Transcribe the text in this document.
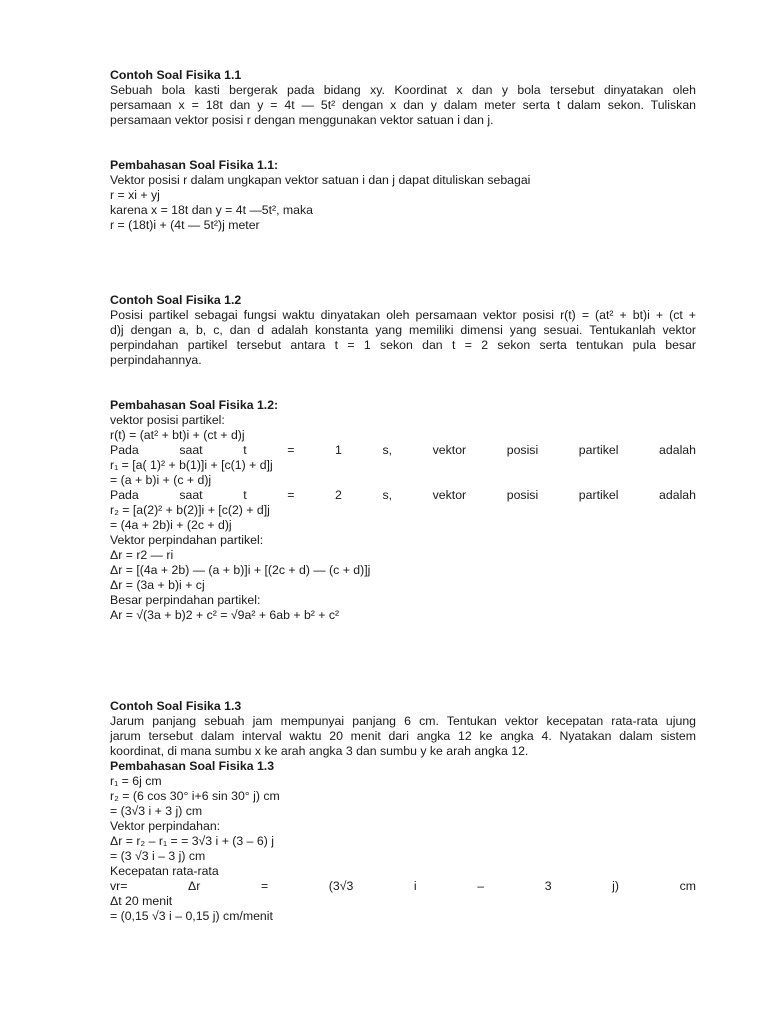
Contoh Soal Fisika 1.1
Sebuah bola kasti bergerak pada bidang xy. Koordinat x dan y bola tersebut dinyatakan oleh
persamaan x = 18t dan y = 4t — 5t² dengan x dan y dalam meter serta t dalam sekon. Tuliskan
persamaan vektor posisi r dengan menggunakan vektor satuan i dan j.
Pembahasan Soal Fisika 1.1:
Vektor posisi r dalam ungkapan vektor satuan i dan j dapat dituliskan sebagai
r = xi + yj
karena x = 18t dan y = 4t —5t², maka
r = (18t)i + (4t — 5t²)j meter
Contoh Soal Fisika 1.2
Posisi partikel sebagai fungsi waktu dinyatakan oleh persamaan vektor posisi r(t) = (at² + bt)i + (ct +
d)j dengan a, b, c, dan d adalah konstanta yang memiliki dimensi yang sesuai. Tentukanlah vektor
perpindahan partikel tersebut antara t = 1 sekon dan t = 2 sekon serta tentukan pula besar
perpindahannya.
Pembahasan Soal Fisika 1.2:
vektor posisi partikel:
r(t) = (at² + bt)i + (ct + d)j
Pada saat t = 1 s, vektor posisi partikel adalah
r₁ = [a( 1)² + b(1)]i + [c(1) + d]j
= (a + b)i + (c + d)j
Pada saat t = 2 s, vektor posisi partikel adalah
r₂ = [a(2)² + b(2)]i + [c(2) + d]j
= (4a + 2b)i + (2c + d)j
Vektor perpindahan partikel:
Δr = r2 — ri
Δr = [(4a + 2b) — (a + b)]i + [(2c + d) — (c + d)]j
Δr = (3a + b)i + cj
Besar perpindahan partikel:
Ar = √(3a + b)2 + c² = √9a² + 6ab + b² + c²
Contoh Soal Fisika 1.3
Jarum panjang sebuah jam mempunyai panjang 6 cm. Tentukan vektor kecepatan rata-rata ujung
jarum tersebut dalam interval waktu 20 menit dari angka 12 ke angka 4. Nyatakan dalam sistem
koordinat, di mana sumbu x ke arah angka 3 dan sumbu y ke arah angka 12.
Pembahasan Soal Fisika 1.3
r₁ = 6j cm
r₂ = (6 cos 30° i+6 sin 30° j) cm
= (3√3 i + 3 j) cm
Vektor perpindahan:
Δr = r₂ – r₁ = = 3√3 i + (3 – 6) j
= (3 √3 i – 3 j) cm
Kecepatan rata-rata
vr= Δr = (3√3 i – 3 j) cm
Δt 20 menit
= (0,15 √3 i – 0,15 j) cm/menit
